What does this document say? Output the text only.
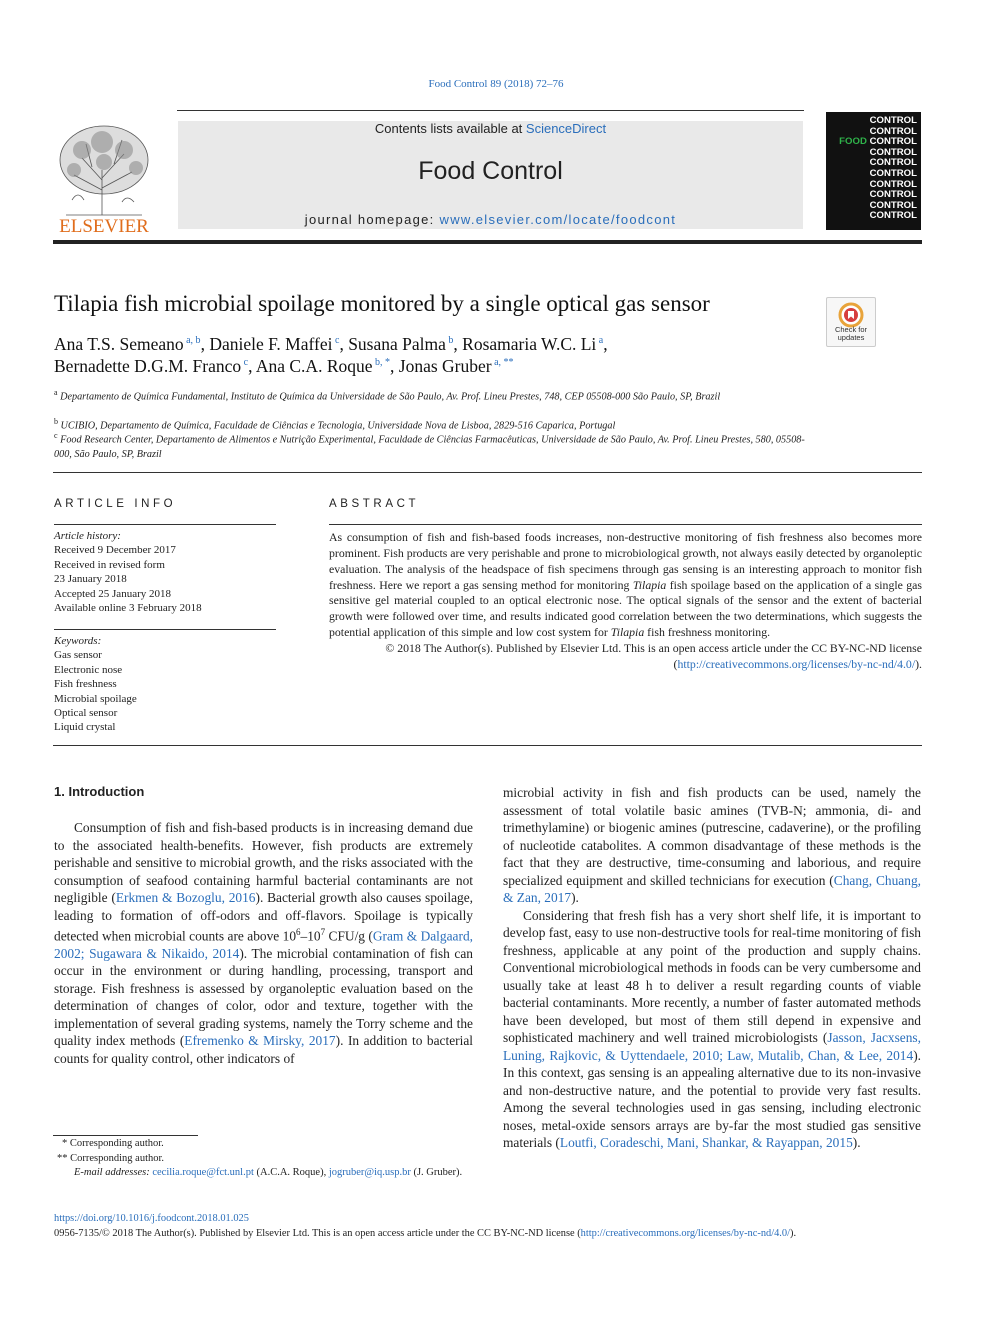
Food Control 89 (2018) 72–76
ELSEVIER
Contents lists available at ScienceDirect
Food Control
journal homepage: www.elsevier.com/locate/foodcont
CONTROL
CONTROL
FOOD CONTROL
CONTROL
CONTROL
CONTROL
CONTROL
CONTROL
CONTROL
CONTROL
Tilapia fish microbial spoilage monitored by a single optical gas sensor
Check for updates
Ana T.S. Semeano $^{a, b}$, Daniele F. Maffei $^c$, Susana Palma $^b$, Rosamaria W.C. Li $^a$,
Bernadette D.G.M. Franco $^c$, Ana C.A. Roque $^{b, *}$, Jonas Gruber $^{a, **}$
$^a$ Departamento de Química Fundamental, Instituto de Química da Universidade de São Paulo, Av. Prof. Lineu Prestes, 748, CEP 05508-000 São Paulo, SP, Brazil
$^b$ UCIBIO, Departamento de Química, Faculdade de Ciências e Tecnologia, Universidade Nova de Lisboa, 2829-516 Caparica, Portugal
$^c$ Food Research Center, Departamento de Alimentos e Nutrição Experimental, Faculdade de Ciências Farmacêuticas, Universidade de São Paulo, Av. Prof. Lineu Prestes, 580, 05508-000, São Paulo, SP, Brazil
ARTICLE INFO
Article history:
Received 9 December 2017
Received in revised form
23 January 2018
Accepted 25 January 2018
Available online 3 February 2018
Keywords:
Gas sensor
Electronic nose
Fish freshness
Microbial spoilage
Optical sensor
Liquid crystal
ABSTRACT
As consumption of fish and fish-based foods increases, non-destructive monitoring of fish freshness also becomes more prominent. Fish products are very perishable and prone to microbiological growth, not always easily detected by organoleptic evaluation. The analysis of the headspace of fish specimens through gas sensing is an interesting approach to monitor fish freshness. Here we report a gas sensing method for monitoring Tilapia fish spoilage based on the application of a single gas sensitive gel material coupled to an optical electronic nose. The optical signals of the sensor and the extent of bacterial growth were followed over time, and results indicated good correlation between the two determinations, which suggests the potential application of this simple and low cost system for Tilapia fish freshness monitoring.
© 2018 The Author(s). Published by Elsevier Ltd. This is an open access article under the CC BY-NC-ND license (http://creativecommons.org/licenses/by-nc-nd/4.0/).
1. Introduction

Consumption of fish and fish-based products is in increasing demand due to the associated health-benefits. However, fish products are extremely perishable and sensitive to microbial growth, and the risks associated with the consumption of seafood containing harmful bacterial contaminants are not negligible (Erkmen & Bozoglu, 2016). Bacterial growth also causes spoilage, leading to formation of off-odors and off-flavors. Spoilage is typically detected when microbial counts are above $10^6-10^7$ CFU/g (Gram & Dalgaard, 2002; Sugawara & Nikaido, 2014). The microbial contamination of fish can occur in the environment or during handling, processing, transport and storage. Fish freshness is assessed by organoleptic evaluation based on the determination of changes of color, odor and texture, together with the implementation of several grading systems, namely the Torry scheme and the quality index methods (Efremenko & Mirsky, 2017). In addition to bacterial counts for quality control, other indicators of

microbial activity in fish and fish products can be used, namely the assessment of total volatile basic amines (TVB-N; ammonia, di- and trimethylamine) or biogenic amines (putrescine, cadaverine), or the profiling of nucleotide catabolites. A common disadvantage of these methods is the fact that they are destructive, time-consuming and laborious, and require specialized equipment and skilled technicians for execution (Chang, Chuang, & Zan, 2017).

Considering that fresh fish has a very short shelf life, it is important to develop fast, easy to use non-destructive tools for real-time monitoring of fish freshness, applicable at any point of the production and supply chains. Conventional microbiological methods in foods can be very cumbersome and usually take at least 48 h to deliver a result regarding counts of viable bacterial contaminants. More recently, a number of faster automated methods have been developed, but most of them still depend in expensive and sophisticated machinery and well trained microbiologists (Jasson, Jacxsens, Luning, Rajkovic, & Uyttendaele, 2010; Law, Mutalib, Chan, & Lee, 2014). In this context, gas sensing is an appealing alternative due to its non-invasive and non-destructive nature, and the potential to provide very fast results. Among the several technologies used in gas sensing, including electronic noses, metal-oxide sensors arrays are by-far the most studied gas sensitive materials (Loutfi, Coradeschi, Mani, Shankar, & Rayappan, 2015).

* Corresponding author.
** Corresponding author.
E-mail addresses: cecilia.roque@fct.unl.pt (A.C.A. Roque), jogruber@iq.usp.br (J. Gruber).
https://doi.org/10.1016/j.foodcont.2018.01.025
0956-7135/© 2018 The Author(s). Published by Elsevier Ltd. This is an open access article under the CC BY-NC-ND license (http://creativecommons.org/licenses/by-nc-nd/4.0/).
